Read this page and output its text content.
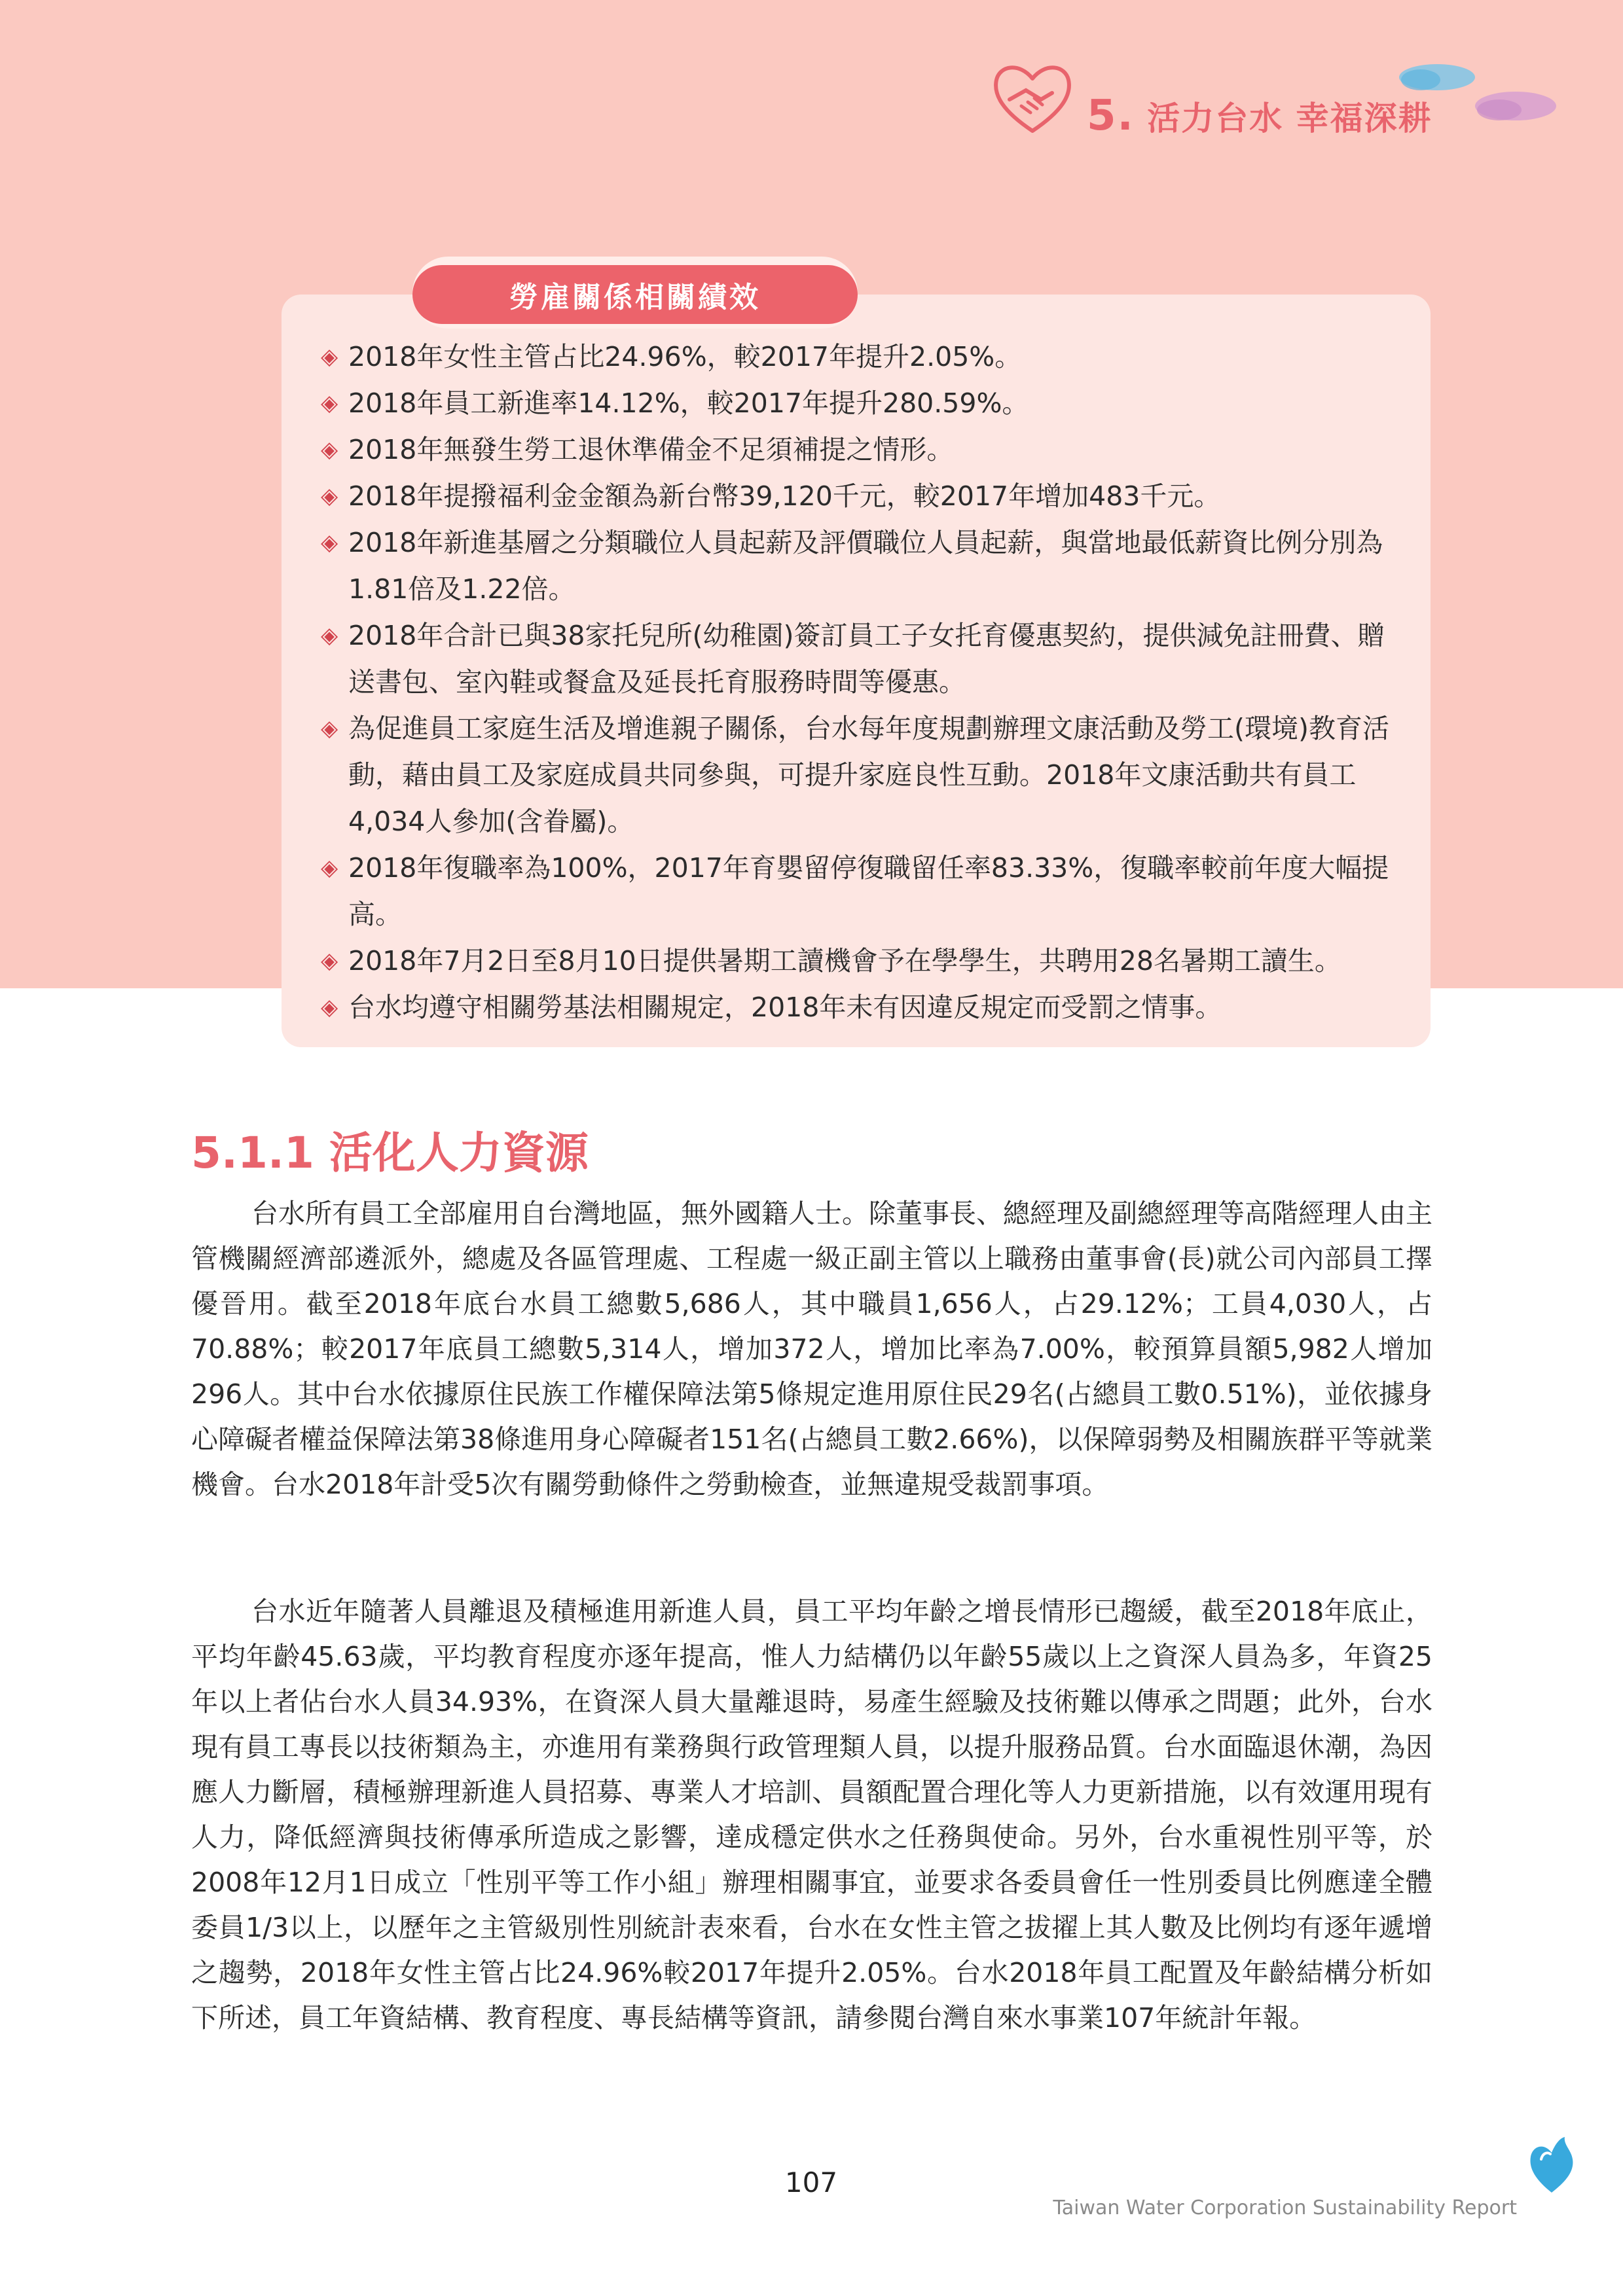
5. 活力台水 幸福深耕
勞雇關係相關績效
◈ 2018年女性主管占比24.96%，較2017年提升2.05%。
◈ 2018年員工新進率14.12%，較2017年提升280.59%。
◈ 2018年無發生勞工退休準備金不足須補提之情形。
◈ 2018年提撥福利金金額為新台幣39,120千元，較2017年增加483千元。
◈ 2018年新進基層之分類職位人員起薪及評價職位人員起薪，與當地最低薪資比例分別為1.81倍及1.22倍。
◈ 2018年合計已與38家托兒所(幼稚園)簽訂員工子女托育優惠契約，提供減免註冊費、贈送書包、室內鞋或餐盒及延長托育服務時間等優惠。
◈ 為促進員工家庭生活及增進親子關係，台水每年度規劃辦理文康活動及勞工(環境)教育活動，藉由員工及家庭成員共同參與，可提升家庭良性互動。2018年文康活動共有員工4,034人參加(含眷屬)。
◈ 2018年復職率為100%，2017年育嬰留停復職留任率83.33%，復職率較前年度大幅提高。
◈ 2018年7月2日至8月10日提供暑期工讀機會予在學學生，共聘用28名暑期工讀生。
◈ 台水均遵守相關勞基法相關規定，2018年未有因違反規定而受罰之情事。
5.1.1 活化人力資源

台水所有員工全部雇用自台灣地區，無外國籍人士。除董事長、總經理及副總經理等高階經理人由主管機關經濟部遴派外，總處及各區管理處、工程處一級正副主管以上職務由董事會(長)就公司內部員工擇優晉用。截至2018年底台水員工總數5,686人，其中職員1,656人，占29.12%；工員4,030人，占70.88%；較2017年底員工總數5,314人，增加372人，增加比率為7.00%，較預算員額5,982人增加296人。其中台水依據原住民族工作權保障法第5條規定進用原住民29名(占總員工數0.51%)，並依據身心障礙者權益保障法第38條進用身心障礙者151名(占總員工數2.66%)，以保障弱勢及相關族群平等就業機會。台水2018年計受5次有關勞動條件之勞動檢查，並無違規受裁罰事項。

台水近年隨著人員離退及積極進用新進人員，員工平均年齡之增長情形已趨緩，截至2018年底止，平均年齡45.63歲，平均教育程度亦逐年提高，惟人力結構仍以年齡55歲以上之資深人員為多，年資25年以上者佔台水人員34.93%，在資深人員大量離退時，易產生經驗及技術難以傳承之問題；此外，台水現有員工專長以技術類為主，亦進用有業務與行政管理類人員，以提升服務品質。台水面臨退休潮，為因應人力斷層，積極辦理新進人員招募、專業人才培訓、員額配置合理化等人力更新措施，以有效運用現有人力，降低經濟與技術傳承所造成之影響，達成穩定供水之任務與使命。另外，台水重視性別平等，於2008年12月1日成立「性別平等工作小組」辦理相關事宜，並要求各委員會任一性別委員比例應達全體委員1/3以上，以歷年之主管級別性別統計表來看，台水在女性主管之拔擢上其人數及比例均有逐年遞增之趨勢，2018年女性主管占比24.96%較2017年提升2.05%。台水2018年員工配置及年齡結構分析如下所述，員工年資結構、教育程度、專長結構等資訊，請參閱台灣自來水事業107年統計年報。

107
Taiwan Water Corporation Sustainability Report
